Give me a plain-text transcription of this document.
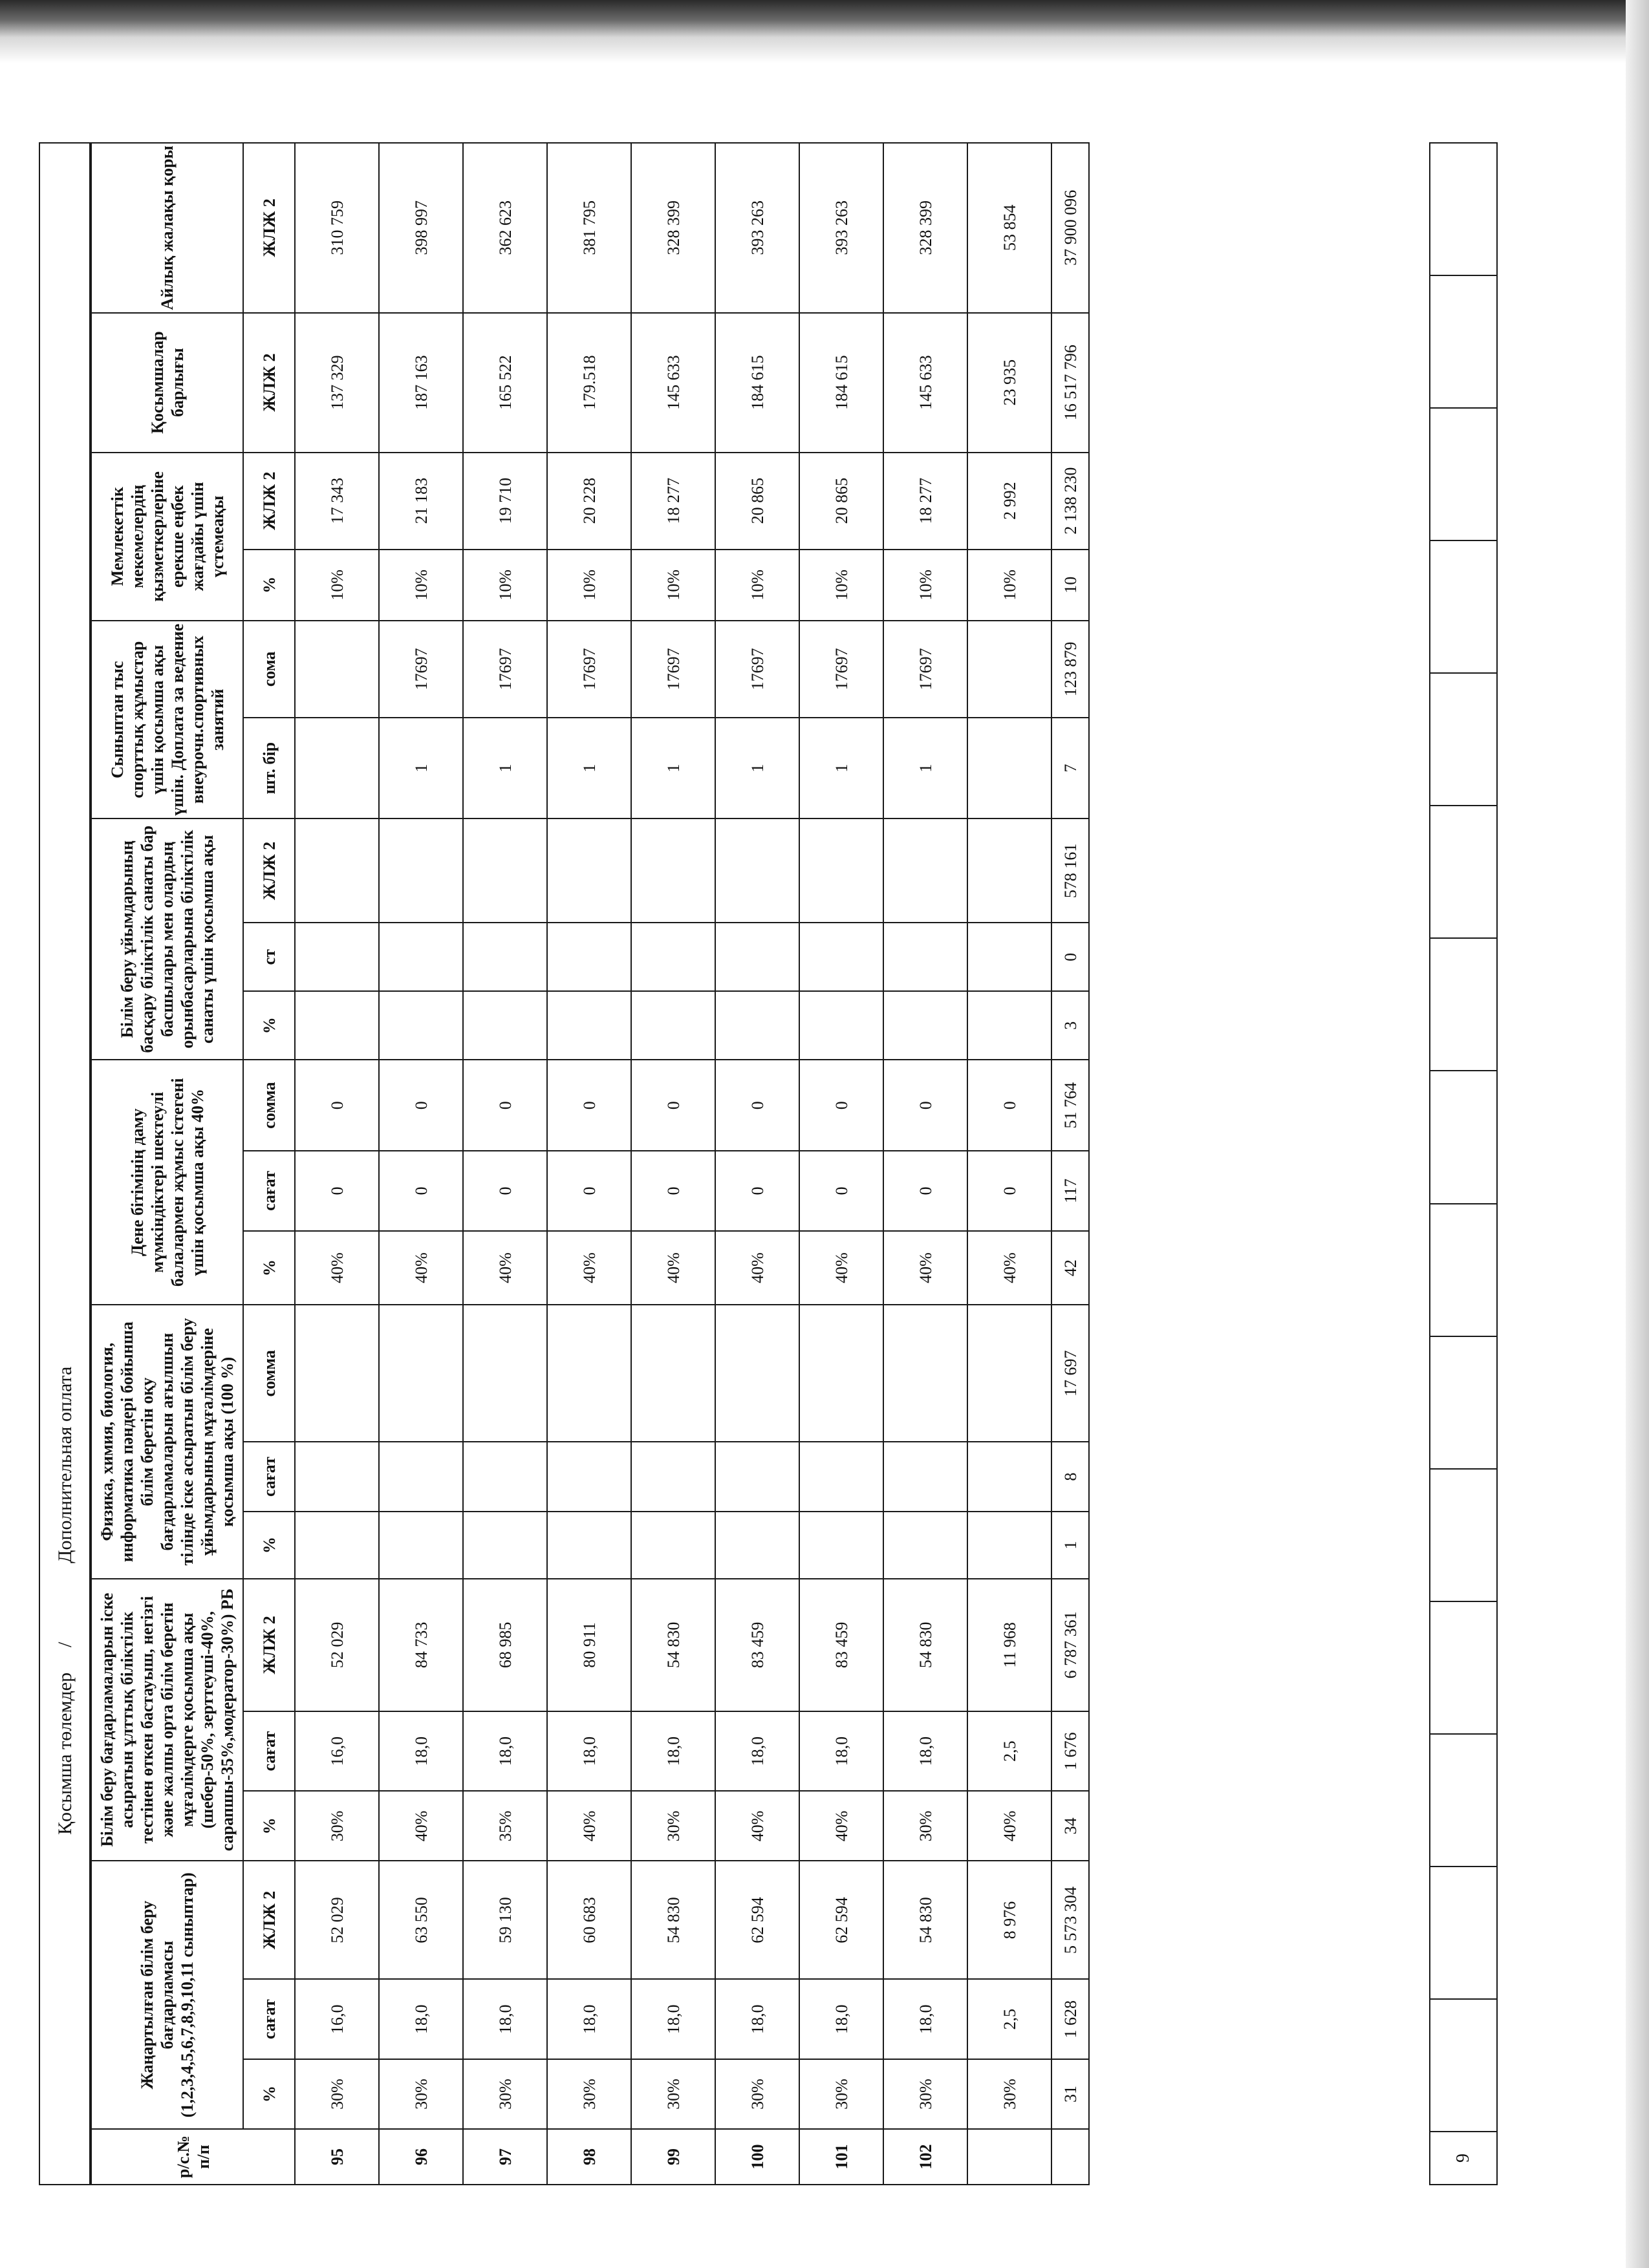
Қосымша төлемдер
/
Дополнительная оплата
р/с.№ п/п	Жаңартылған білім беру бағдарламасы (1,2,3,4,5,6,7,8,9,10,11 сыныптар)			Білім беру бағдарламаларын іске асыратын ұлттық біліктілік тестінен өткен бастауыш, негізгі және жалпы орта білім беретін мұғалімдерге қосымша ақы (шебер-50%, зерттеуші-40%, сарапшы-35%,модератор-30%) РБ			Физика, химия, биология, информатика пәндері бойынша білім беретін оқу бағдарламаларын ағылшын тілінде іске асыратын білім беру ұйымдарының мұғалімдеріне қосымша ақы (100 %)			Дене бітімінің даму мүмкіндіктері шектеулі балалармен жұмыс істегені үшін қосымша ақы 40%			Білім беру ұйымдарының басқару біліктілік санаты бар басшылары мен олардың орынбасарларына біліктілік санаты үшін қосымша ақы			Сыныптан тыс спорттық жұмыстар үшін қосымша ақы үшін. Доплата за ведение внеурочн.спортивных занятий		Мемлекеттік мекемелердің қызметкерлеріне ерекше еңбек жағдайы үшін үстемеақы		Қосымшалар барлығы	Айлық жалақы қоры
	%	сағат	ЖЛЖ 2	%	сағат	ЖЛЖ 2	%	сағат	сомма	%	сағат	сомма	%	ст	ЖЛЖ 2	шт. бір	сома	%	ЖЛЖ 2	ЖЛЖ 2	ЖЛЖ 2
95	30%	16,0	52 029	30%	16,0	52 029				40%	0	0						10%	17 343	137 329	310 759
96	30%	18,0	63 550	40%	18,0	84 733				40%	0	0				1	17697	10%	21 183	187 163	398 997
97	30%	18,0	59 130	35%	18,0	68 985				40%	0	0				1	17697	10%	19 710	165 522	362 623
98	30%	18,0	60 683	40%	18,0	80 911				40%	0	0				1	17697	10%	20 228	179.518	381 795
99	30%	18,0	54 830	30%	18,0	54 830				40%	0	0				1	17697	10%	18 277	145 633	328 399
100	30%	18,0	62 594	40%	18,0	83 459				40%	0	0				1	17697	10%	20 865	184 615	393 263
101	30%	18,0	62 594	40%	18,0	83 459				40%	0	0				1	17697	10%	20 865	184 615	393 263
102	30%	18,0	54 830	30%	18,0	54 830				40%	0	0				1	17697	10%	18 277	145 633	328 399
	30%	2,5	8 976	40%	2,5	11 968				40%	0	0						10%	2 992	23 935	53 854
	31	1 628	5 573 304	34	1 676	6 787 361	1	8	17 697	42	117	51 764	3	0	578 161	7	123 879	10	2 138 230	16 517 796	37 900 096
9															
